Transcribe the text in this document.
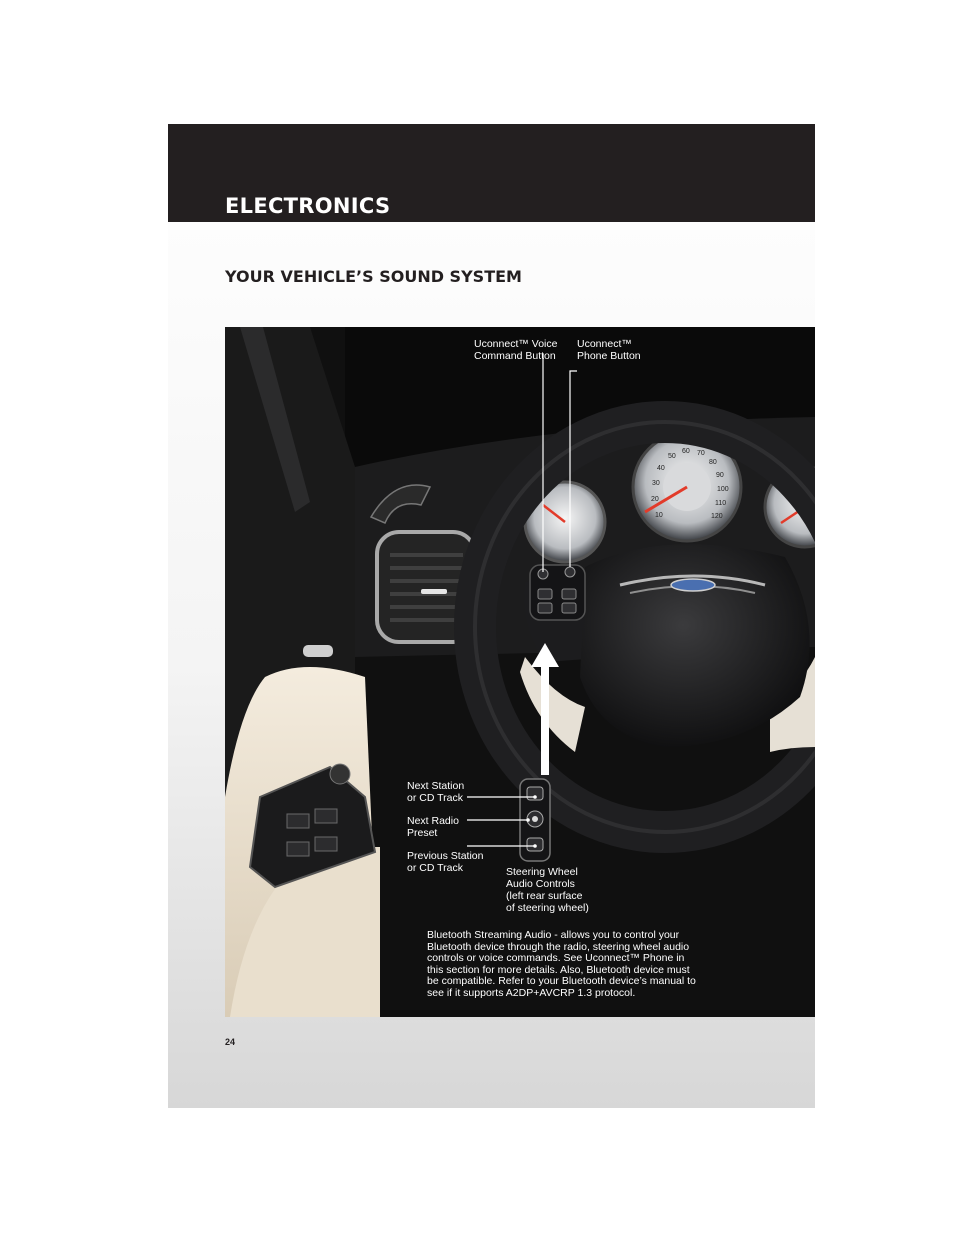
ELECTRONICS
YOUR VEHICLE’S SOUND SYSTEM
10
20
30
40
50
60 70
80
90
100
110
120

Uconnect™ Voice
Command Button

Uconnect™
Phone Button

Next Station
or CD Track

Next Radio
Preset

Previous Station
or CD Track	Steering Wheel
Audio Controls
(left rear surface
of steering wheel)

Bluetooth Streaming Audio - allows you to control your Bluetooth device through the radio, steering wheel audio controls or voice commands. See Uconnect™ Phone in this section for more details. Also, Bluetooth device must be compatible. Refer to your Bluetooth device’s manual to see if it supports A2DP+AVCRP 1.3 protocol.

24
